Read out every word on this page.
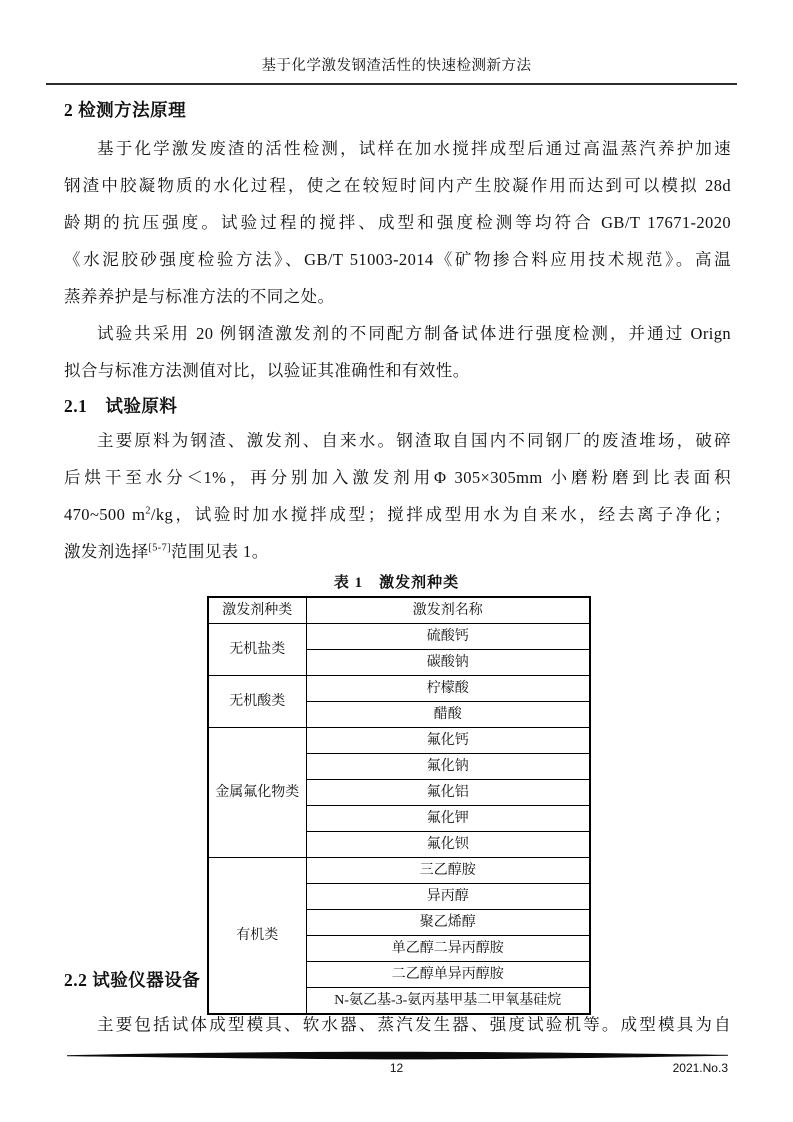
基于化学激发钢渣活性的快速检测新方法
2 检测方法原理
基于化学激发废渣的活性检测，试样在加水搅拌成型后通过高温蒸汽养护加速
钢渣中胶凝物质的水化过程，使之在较短时间内产生胶凝作用而达到可以模拟 28d
龄期的抗压强度。试验过程的搅拌、成型和强度检测等均符合 GB/T 17671-2020
《水泥胶砂强度检验方法》、GB/T 51003-2014《矿物掺合料应用技术规范》。高温
蒸养养护是与标准方法的不同之处。
试验共采用 20 例钢渣激发剂的不同配方制备试体进行强度检测，并通过 Orign
拟合与标准方法测值对比，以验证其准确性和有效性。
2.1　试验原料
主要原料为钢渣、激发剂、自来水。钢渣取自国内不同钢厂的废渣堆场，破碎
后烘干至水分＜1%，再分别加入激发剂用Φ 305×305mm 小磨粉磨到比表面积
470~500 $m^2/kg$，试验时加水搅拌成型；搅拌成型用水为自来水，经去离子净化；
激发剂选择[5-7]范围见表 1。
表 1　激发剂种类
激发剂种类	激发剂名称
无机盐类	硫酸钙
	碳酸钠
无机酸类	柠檬酸
	醋酸
金属氟化物类	氟化钙
	氟化钠
	氟化铝
	氟化钾
	氟化钡
有机类	三乙醇胺
	异丙醇
	聚乙烯醇
	单乙醇二异丙醇胺
	二乙醇单异丙醇胺
	N-氨乙基-3-氨丙基甲基二甲氧基硅烷
2.2 试验仪器设备
主要包括试体成型模具、软水器、蒸汽发生器、强度试验机等。成型模具为自
12	2021.No.3
